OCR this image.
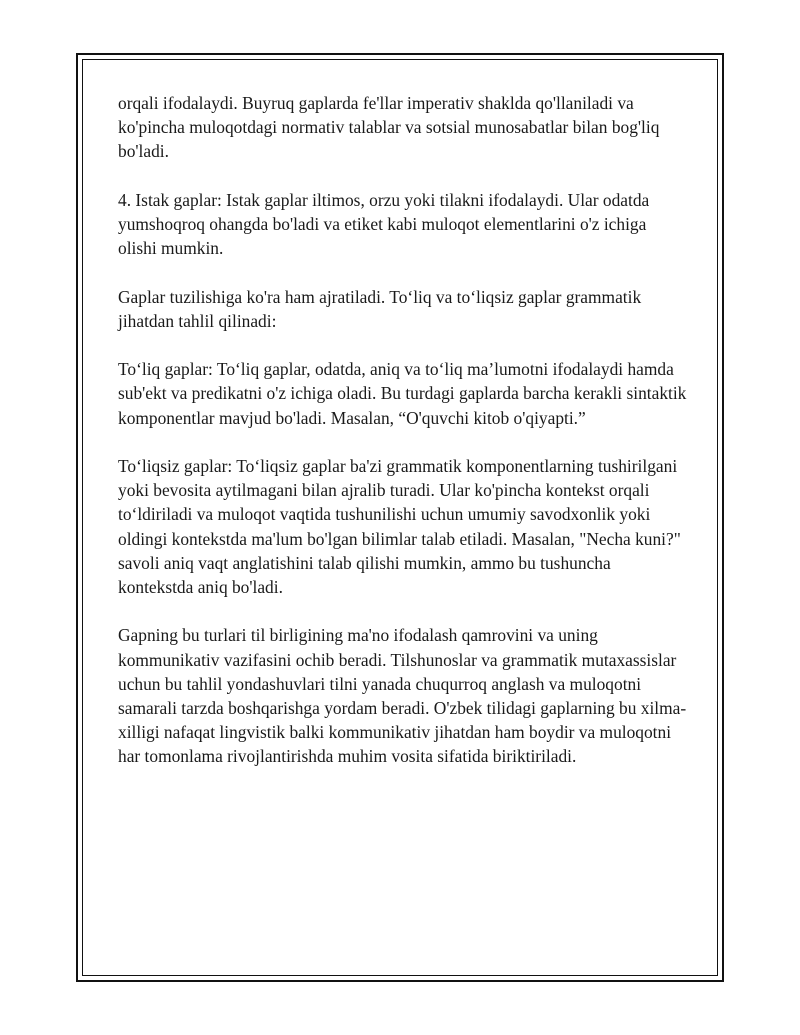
orqali ifodalaydi. Buyruq gaplarda fe'llar imperativ shaklda qo'llaniladi va ko'pincha muloqotdagi normativ talablar va sotsial munosabatlar bilan bog'liq bo'ladi.

4. Istak gaplar: Istak gaplar iltimos, orzu yoki tilakni ifodalaydi. Ular odatda yumshoqroq ohangda bo'ladi va etiket kabi muloqot elementlarini o'z ichiga olishi mumkin.

Gaplar tuzilishiga ko'ra ham ajratiladi. To‘liq va to‘liqsiz gaplar grammatik jihatdan tahlil qilinadi:

To‘liq gaplar: To‘liq gaplar, odatda, aniq va to‘liq ma’lumotni ifodalaydi hamda sub'ekt va predikatni o'z ichiga oladi. Bu turdagi gaplarda barcha kerakli sintaktik komponentlar mavjud bo'ladi. Masalan, “O'quvchi kitob o'qiyapti.”

To‘liqsiz gaplar: To‘liqsiz gaplar ba'zi grammatik komponentlarning tushirilgani yoki bevosita aytilmagani bilan ajralib turadi. Ular ko'pincha kontekst orqali to‘ldiriladi va muloqot vaqtida tushunilishi uchun umumiy savodxonlik yoki oldingi kontekstda ma'lum bo'lgan bilimlar talab etiladi. Masalan, "Necha kuni?" savoli aniq vaqt anglatishini talab qilishi mumkin, ammo bu tushuncha kontekstda aniq bo'ladi.

Gapning bu turlari til birligining ma'no ifodalash qamrovini va uning kommunikativ vazifasini ochib beradi. Tilshunoslar va grammatik mutaxassislar uchun bu tahlil yondashuvlari tilni yanada chuqurroq anglash va muloqotni samarali tarzda boshqarishga yordam beradi. O'zbek tilidagi gaplarning bu xilma-xilligi nafaqat lingvistik balki kommunikativ jihatdan ham boydir va muloqotni har tomonlama rivojlantirishda muhim vosita sifatida biriktiriladi.
